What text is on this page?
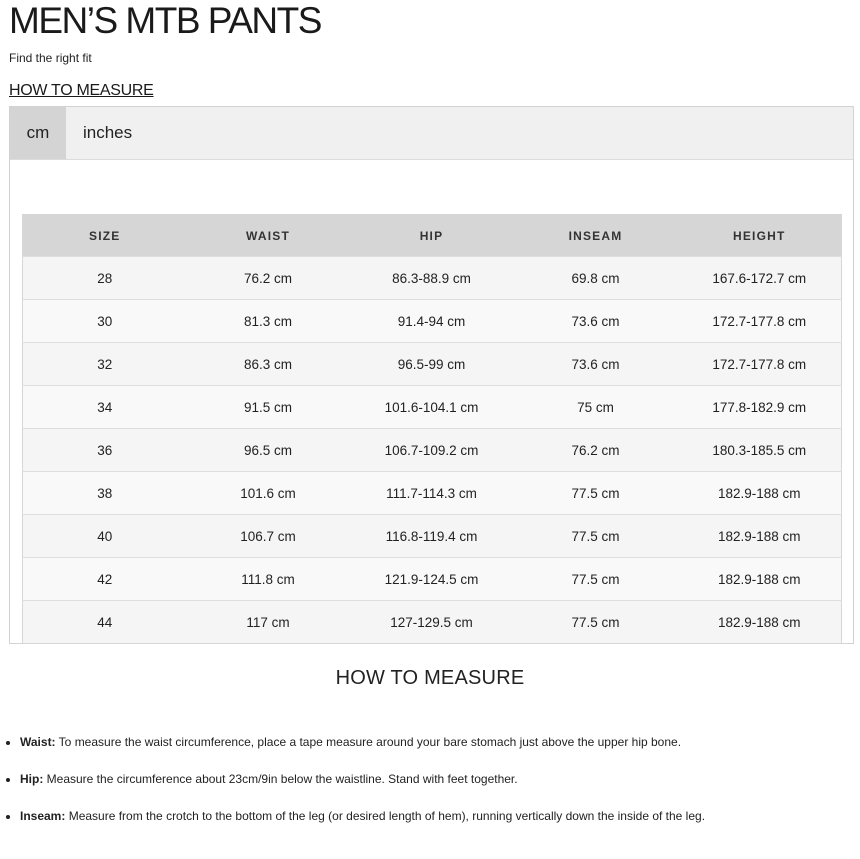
MEN’S MTB PANTS

Find the right fit

HOW TO MEASURE
cm	inches
SIZE	WAIST	HIP	INSEAM	HEIGHT
28	76.2 cm	86.3-88.9 cm	69.8 cm	167.6-172.7 cm
30	81.3 cm	91.4-94 cm	73.6 cm	172.7-177.8 cm
32	86.3 cm	96.5-99 cm	73.6 cm	172.7-177.8 cm
34	91.5 cm	101.6-104.1 cm	75 cm	177.8-182.9 cm
36	96.5 cm	106.7-109.2 cm	76.2 cm	180.3-185.5 cm
38	101.6 cm	111.7-114.3 cm	77.5 cm	182.9-188 cm
40	106.7 cm	116.8-119.4 cm	77.5 cm	182.9-188 cm
42	111.8 cm	121.9-124.5 cm	77.5 cm	182.9-188 cm
44	117 cm	127-129.5 cm	77.5 cm	182.9-188 cm
HOW TO MEASURE
• Waist: To measure the waist circumference, place a tape measure around your bare stomach just above the upper hip bone.
• Hip: Measure the circumference about 23cm/9in below the waistline. Stand with feet together.
• Inseam: Measure from the crotch to the bottom of the leg (or desired length of hem), running vertically down the inside of the leg.
